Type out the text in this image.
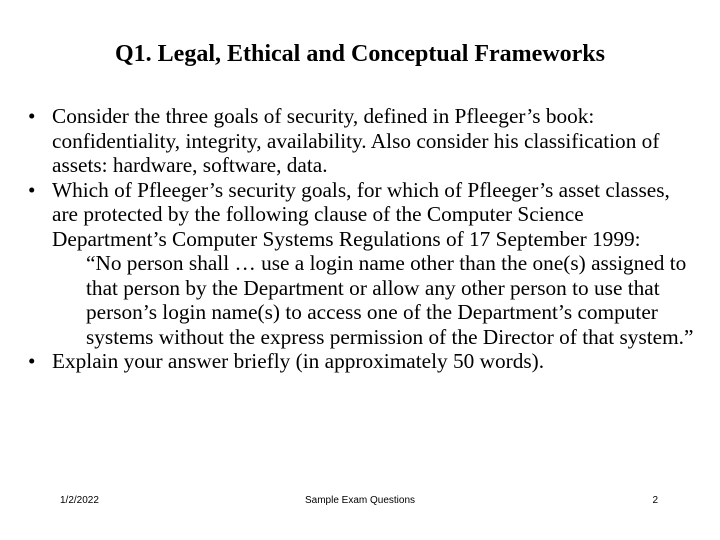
Q1. Legal, Ethical and Conceptual Frameworks
• Consider the three goals of security, defined in Pfleeger’s book: confidentiality, integrity, availability. Also consider his classification of assets: hardware, software, data.
• Which of Pfleeger’s security goals, for which of Pfleeger’s asset classes, are protected by the following clause of the Computer Science Department’s Computer Systems Regulations of 17 September 1999:
“No person shall … use a login name other than the one(s) assigned to that person by the Department or allow any other person to use that person’s login name(s) to access one of the Department’s computer systems without the express permission of the Director of that system.”
• Explain your answer briefly (in approximately 50 words).
1/2/2022	Sample Exam Questions	2
